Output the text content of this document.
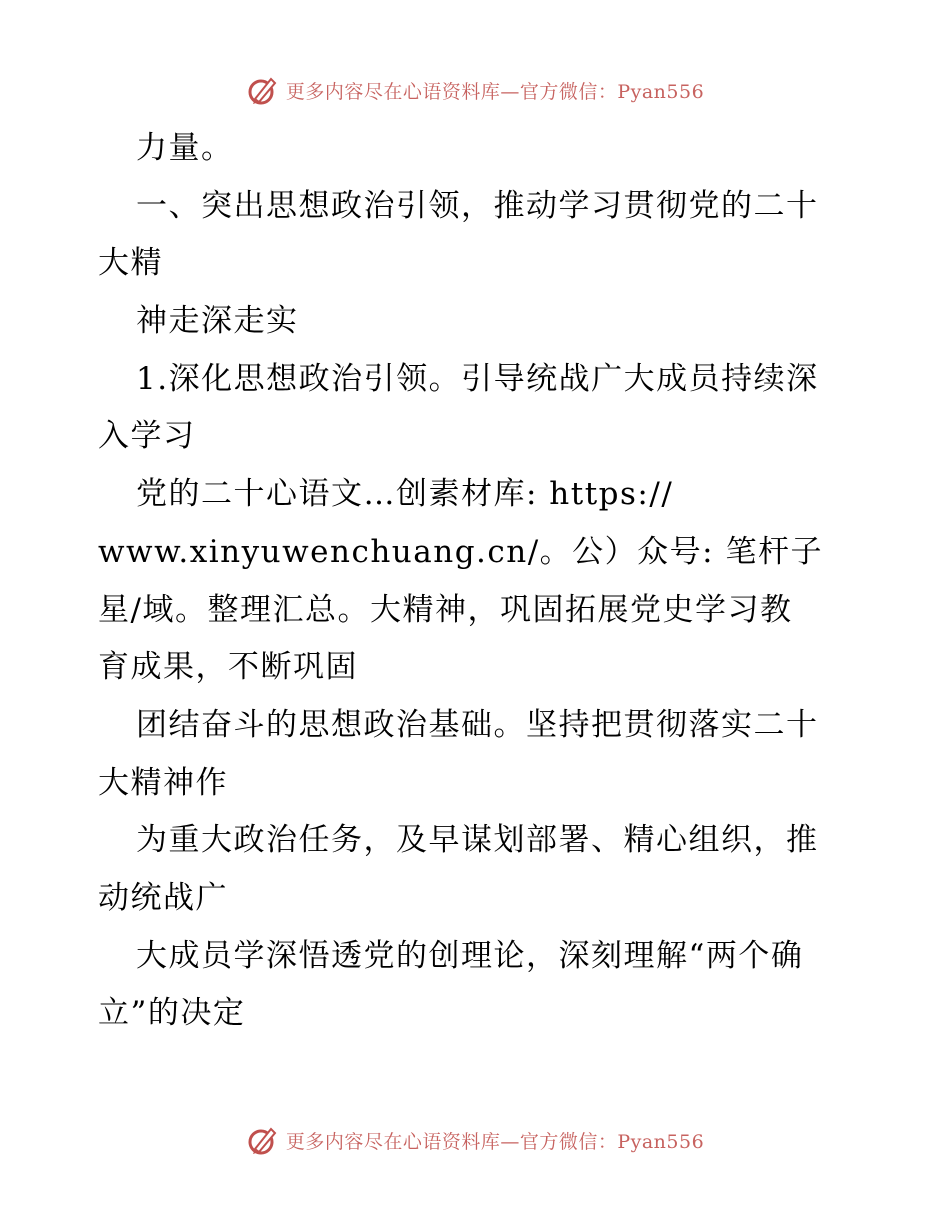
更多内容尽在心语资料库—官方微信：Pyan556
力量。
一、突出思想政治引领，推动学习贯彻党的二十
大精
神走深走实
1.深化思想政治引领。引导统战广大成员持续深
入学习
党的二十心语文…创素材库: https://
www.xinyuwenchuang.cn/。公）众号: 笔杆子
星/域。整理汇总。大精神，巩固拓展党史学习教
育成果，不断巩固
团结奋斗的思想政治基础。坚持把贯彻落实二十
大精神作
为重大政治任务，及早谋划部署、精心组织，推
动统战广
大成员学深悟透党的创理论，深刻理解“两个确
立”的决定
更多内容尽在心语资料库—官方微信：Pyan556
